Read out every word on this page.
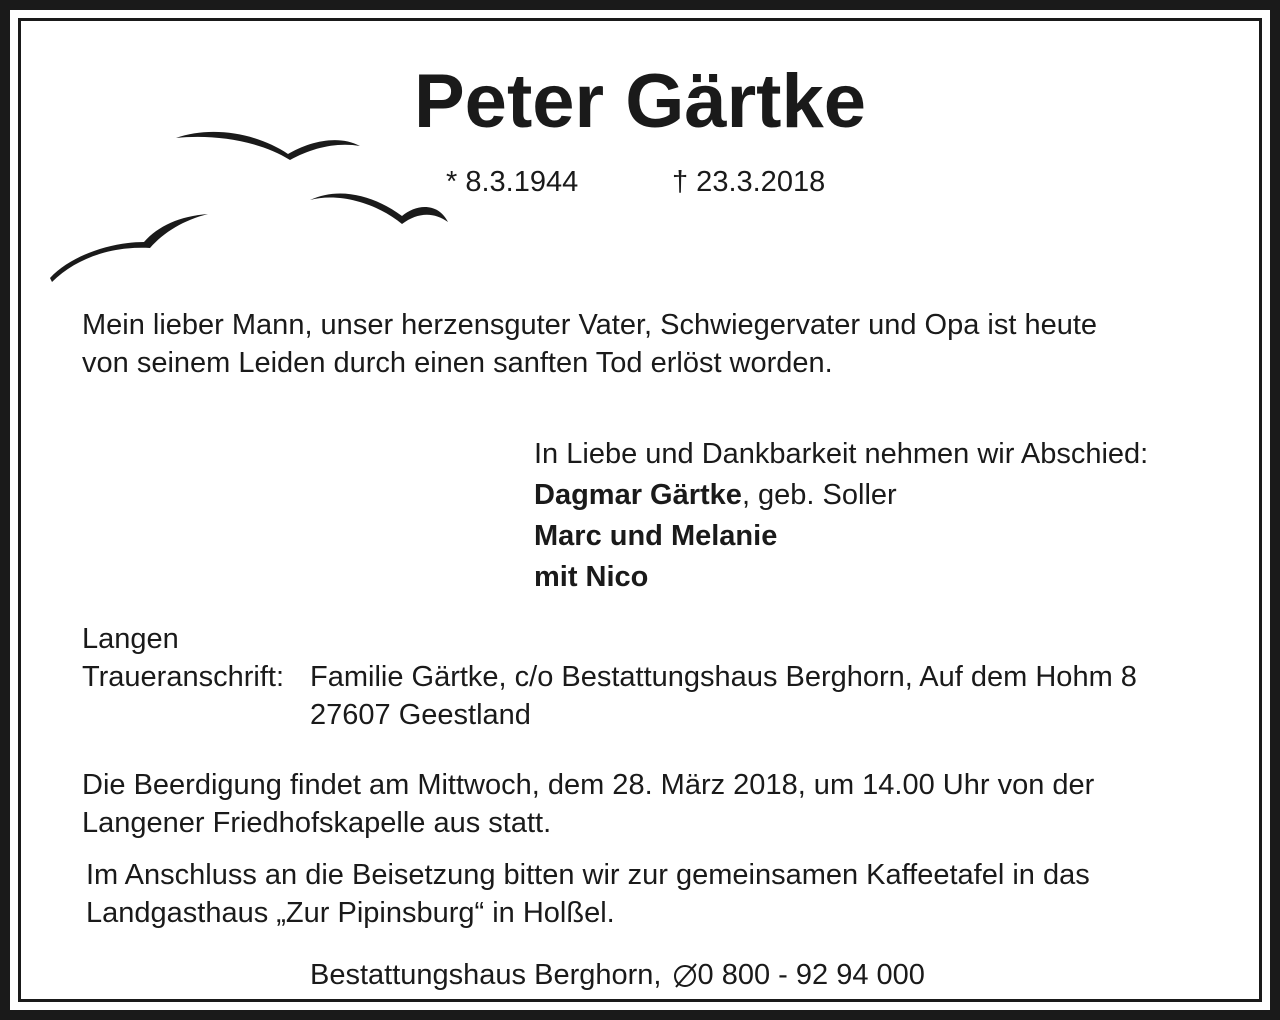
Peter Gärtke
* 8.3.1944	† 23.3.2018
Mein lieber Mann, unser herzensguter Vater, Schwiegervater und Opa ist heute
von seinem Leiden durch einen sanften Tod erlöst worden.
In Liebe und Dankbarkeit nehmen wir Abschied:
Dagmar Gärtke, geb. Soller
Marc und Melanie
mit Nico
Langen
Traueranschrift: Familie Gärtke, c/o Bestattungshaus Berghorn, Auf dem Hohm 8
27607 Geestland
Die Beerdigung findet am Mittwoch, dem 28. März 2018, um 14.00 Uhr von der
Langener Friedhofskapelle aus statt.
Im Anschluss an die Beisetzung bitten wir zur gemeinsamen Kaffeetafel in das
Landgasthaus „Zur Pipinsburg“ in Holßel.
Bestattungshaus Berghorn, 0 800 - 92 94 000
